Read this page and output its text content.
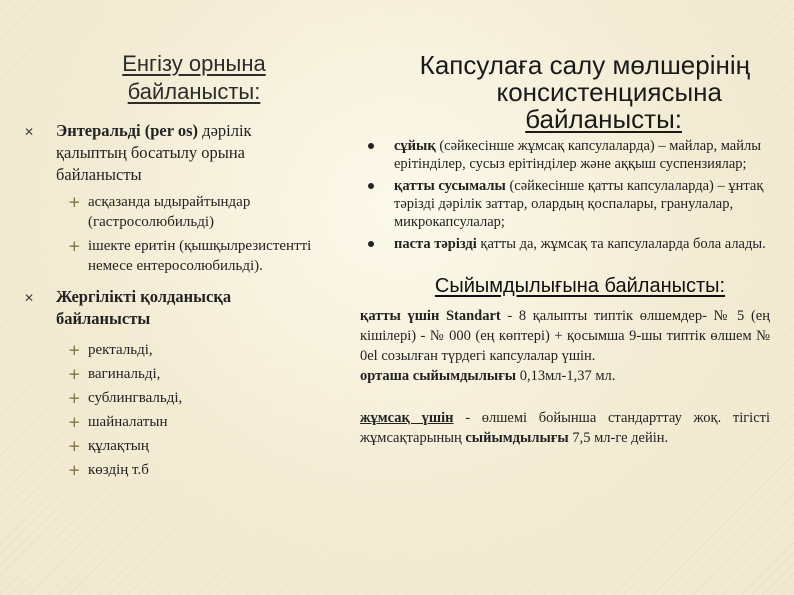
Енгізу орнына
байланысты:
✕ Энтеральді (per os) дәрілік қалыптың босатылу орына байланысты
+ асқазанда ыдырайтындар (гастросолюбильді)
+ ішекте еритін (қышқылрезистентті немесе ентеросолюбильді).
✕ Жергілікті қолданысқа байланысты
+ ректальді,
+ вагинальді,
+ сублингвальді,
+ шайналатын
+ құлақтың
+ көздің т.б
Капсулаға салу мөлшерінің
консистенциясына
байланысты:
сұйық (сәйкесінше жұмсақ капсулаларда) – майлар, майлы ерітінділер, сусыз ерітінділер және аққыш суспензиялар;
қатты сусымалы (сәйкесінше қатты капсулаларда) – ұнтақ тәрізді дәрілік заттар, олардың қоспалары, гранулалар, микрокапсулалар;
паста тәрізді қатты да, жұмсақ та капсулаларда бола алады.
Сыйымдылығына байланысты:
қатты үшін Standart - 8 қалыпты типтік өлшемдер- № 5 (ең кішілері) - № 000 (ең көптері) + қосымша 9-шы типтік өлшем № 0el созылған түрдегі капсулалар үшін.
орташа сыйымдылығы 0,13мл-1,37 мл.
жұмсақ үшін - өлшемі бойынша стандарттау жоқ. тігісті жұмсақтарының сыйымдылығы 7,5 мл-ге дейін.
